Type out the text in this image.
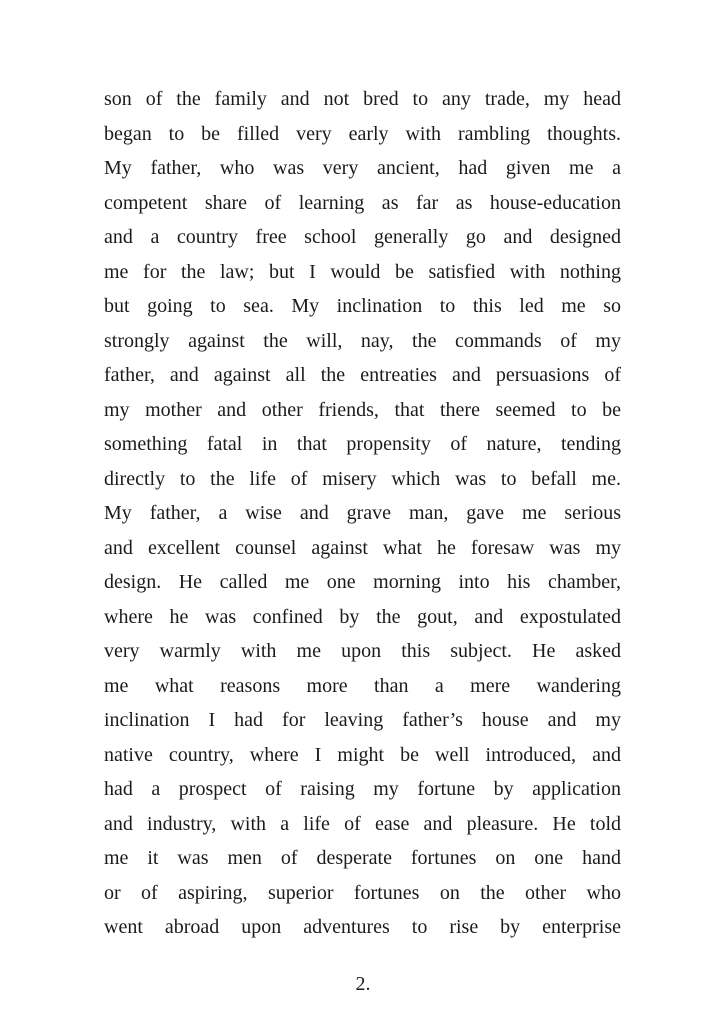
son of the family and not bred to any trade, my head
began to be filled very early with rambling thoughts.
My father, who was very ancient, had given me a
competent share of learning as far as house-education
and a country free school generally go and designed
me for the law; but I would be satisfied with nothing
but going to sea. My inclination to this led me so
strongly against the will, nay, the commands of my
father, and against all the entreaties and persuasions of
my mother and other friends, that there seemed to be
something fatal in that propensity of nature, tending
directly to the life of misery which was to befall me.
My father, a wise and grave man, gave me serious
and excellent counsel against what he foresaw was my
design. He called me one morning into his chamber,
where he was confined by the gout, and expostulated
very warmly with me upon this subject. He asked
me what reasons more than a mere wandering
inclination I had for leaving father’s house and my
native country, where I might be well introduced, and
had a prospect of raising my fortune by application
and industry, with a life of ease and pleasure. He told
me it was men of desperate fortunes on one hand
or of aspiring, superior fortunes on the other who
went abroad upon adventures to rise by enterprise
2.
